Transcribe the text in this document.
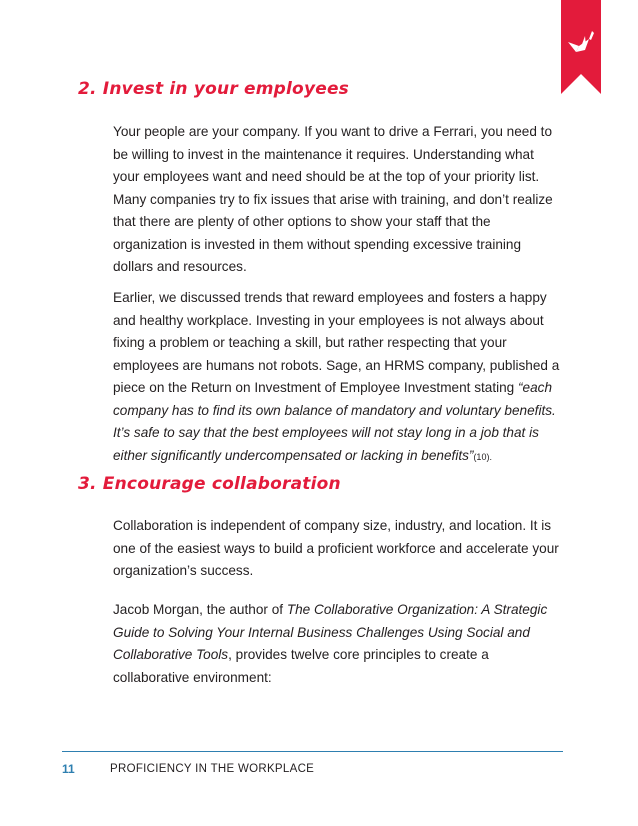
2. Invest in your employees

Your people are your company. If you want to drive a Ferrari, you need to be willing to invest in the maintenance it requires. Understanding what your employees want and need should be at the top of your priority list. Many companies try to fix issues that arise with training, and don’t realize that there are plenty of other options to show your staff that the organization is invested in them without spending excessive training dollars and resources.

Earlier, we discussed trends that reward employees and fosters a happy and healthy workplace. Investing in your employees is not always about fixing a problem or teaching a skill, but rather respecting that your employees are humans not robots. Sage, an HRMS company, published a piece on the Return on Investment of Employee Investment stating “each company has to find its own balance of mandatory and voluntary benefits. It’s safe to say that the best employees will not stay long in a job that is either significantly undercompensated or lacking in benefits”(10).

3. Encourage collaboration

Collaboration is independent of company size, industry, and location. It is one of the easiest ways to build a proficient workforce and accelerate your organization’s success.

Jacob Morgan, the author of The Collaborative Organization: A Strategic Guide to Solving Your Internal Business Challenges Using Social and Collaborative Tools, provides twelve core principles to create a collaborative environment:

11	PROFICIENCY IN THE WORKPLACE
